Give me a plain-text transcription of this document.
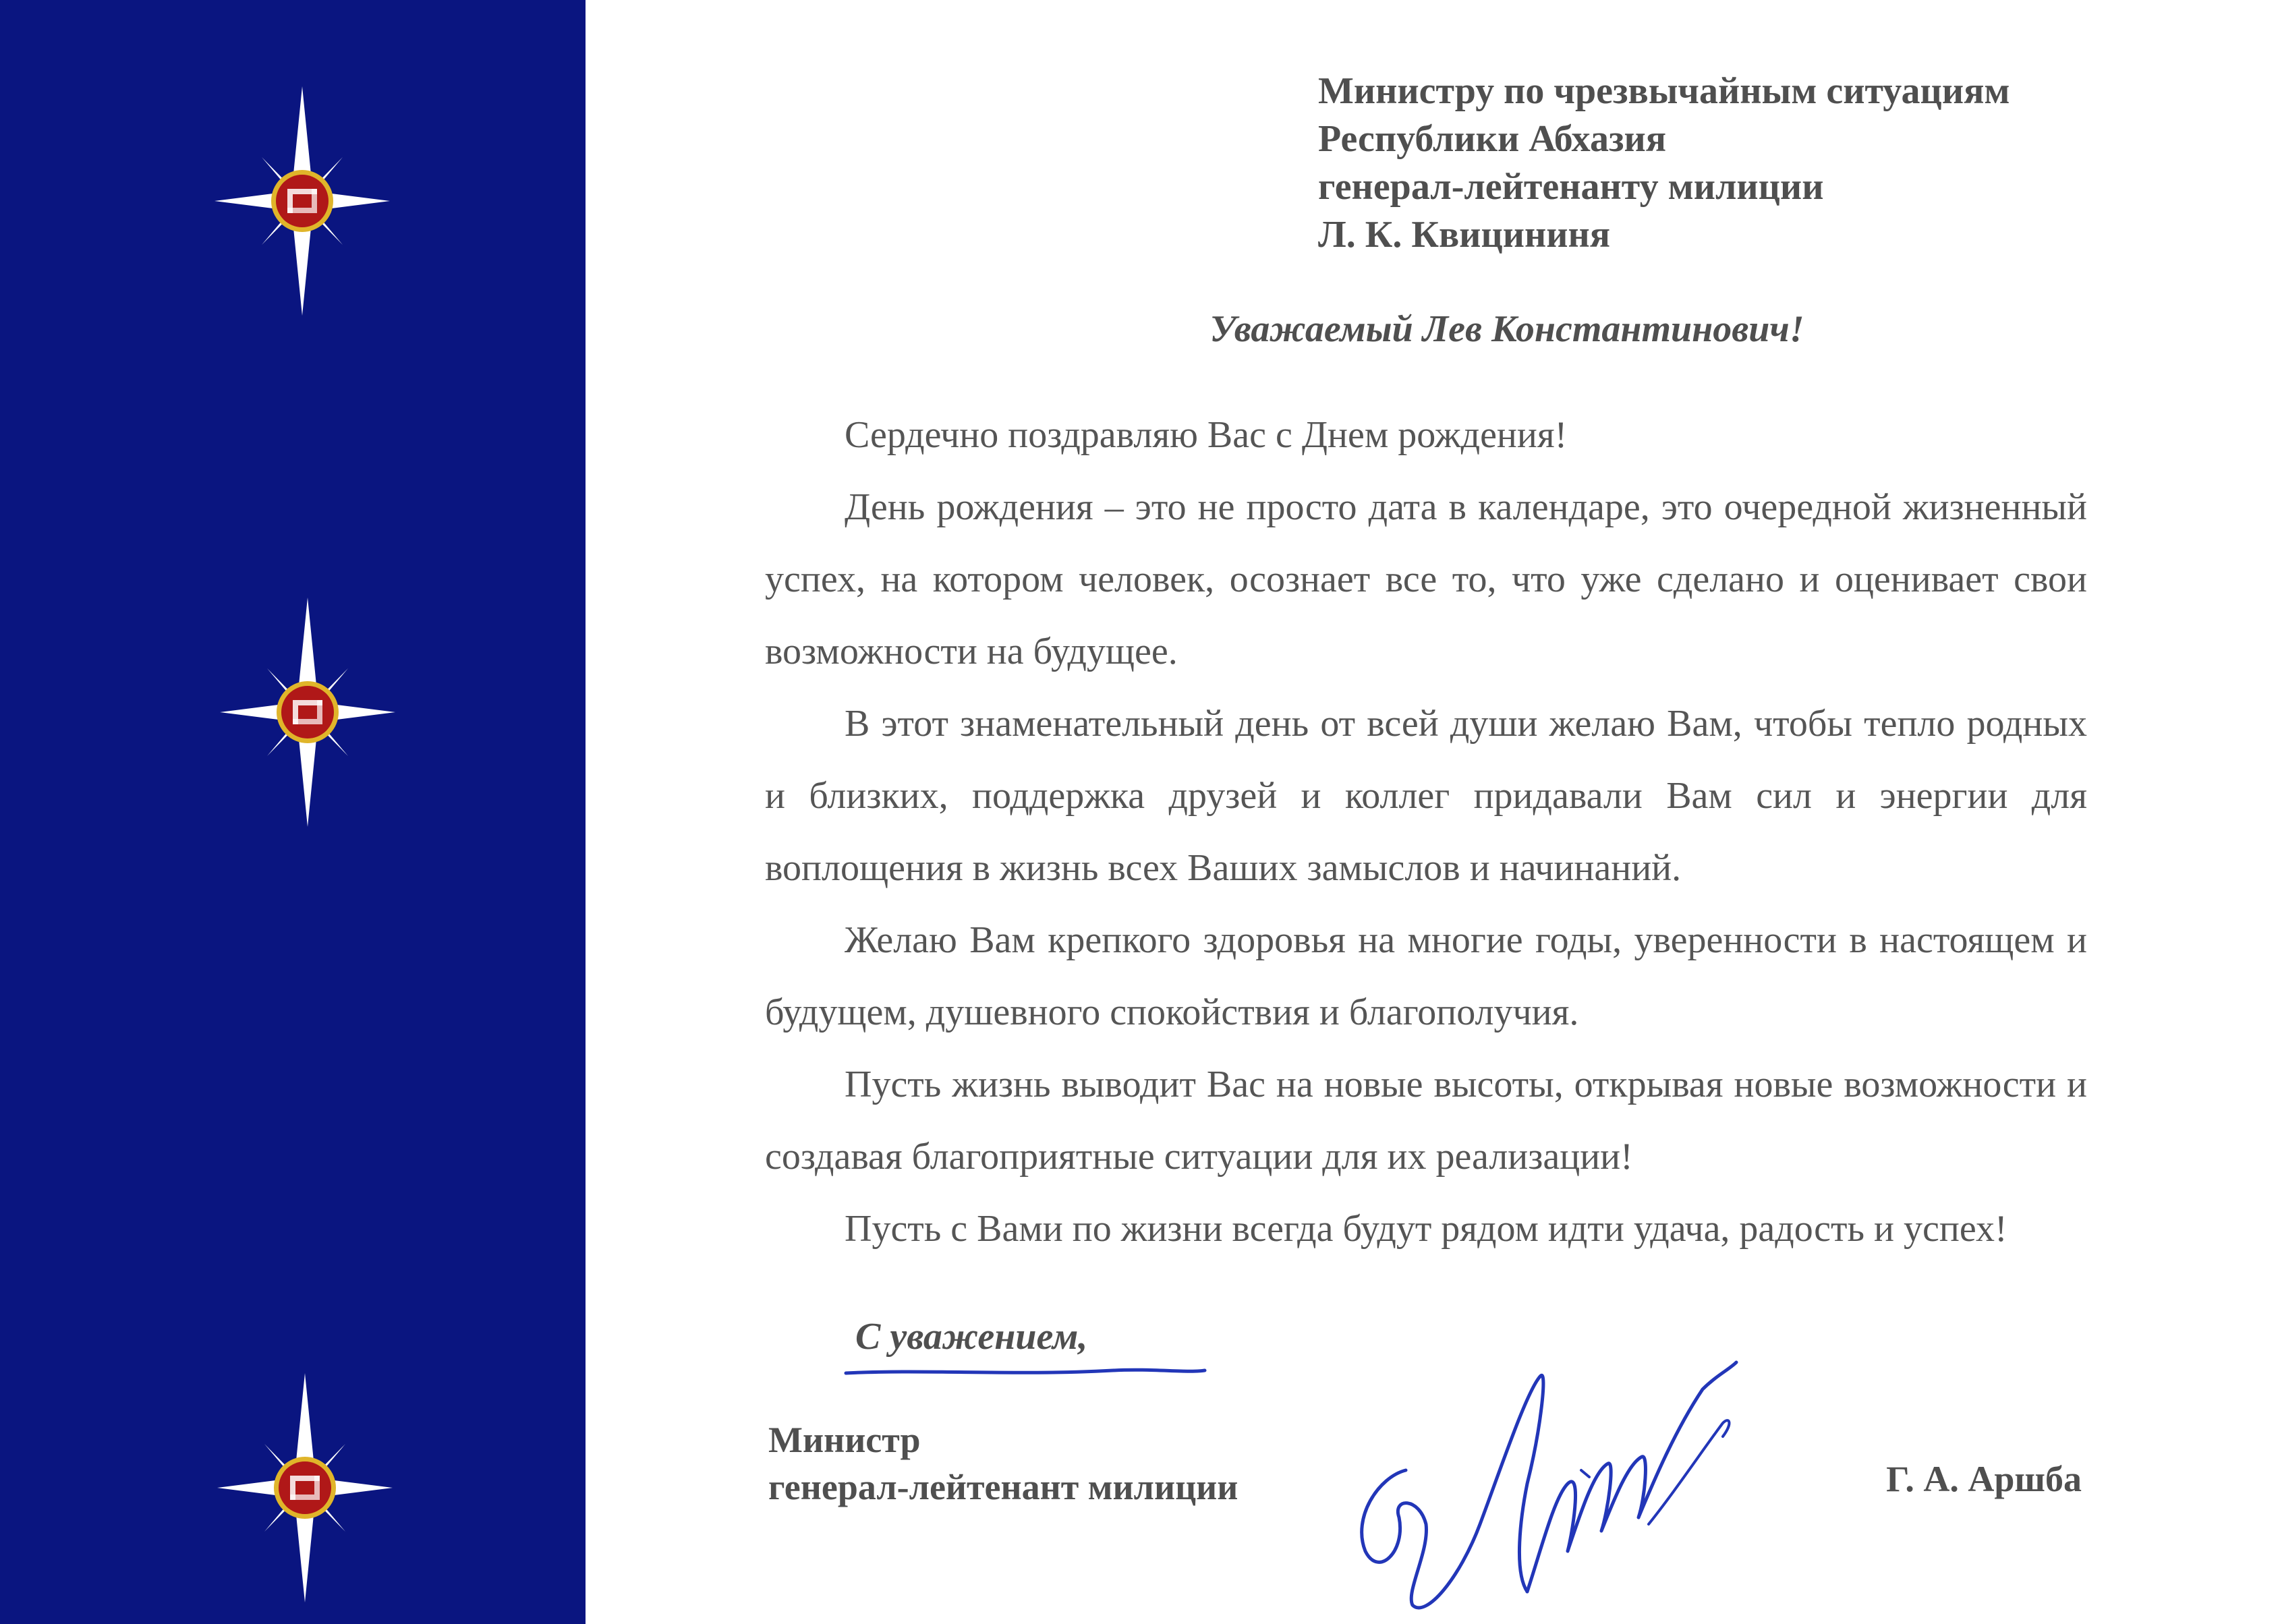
Министру по чрезвычайным ситуациям
Республики Абхазия
генерал-лейтенанту милиции
Л. К. Квицининя
Уважаемый Лев Константинович!

Сердечно поздравляю Вас с Днем рождения!

День рождения – это не просто дата в календаре, это очередной жизненный успех, на котором человек, осознает все то, что уже сделано и оценивает свои возможности на будущее.

В этот знаменательный день от всей души желаю Вам, чтобы тепло родных и близких, поддержка друзей и коллег придавали Вам сил и энергии для воплощения в жизнь всех Ваших замыслов и начинаний.

Желаю Вам крепкого здоровья на многие годы, уверенности в настоящем и будущем, душевного спокойствия и благополучия.

Пусть жизнь выводит Вас на новые высоты, открывая новые возможности и создавая благоприятные ситуации для их реализации!

Пусть с Вами по жизни всегда будут рядом идти удача, радость и успех!

С уважением,
Министр
генерал-лейтенант милиции	Г. А. Аршба
